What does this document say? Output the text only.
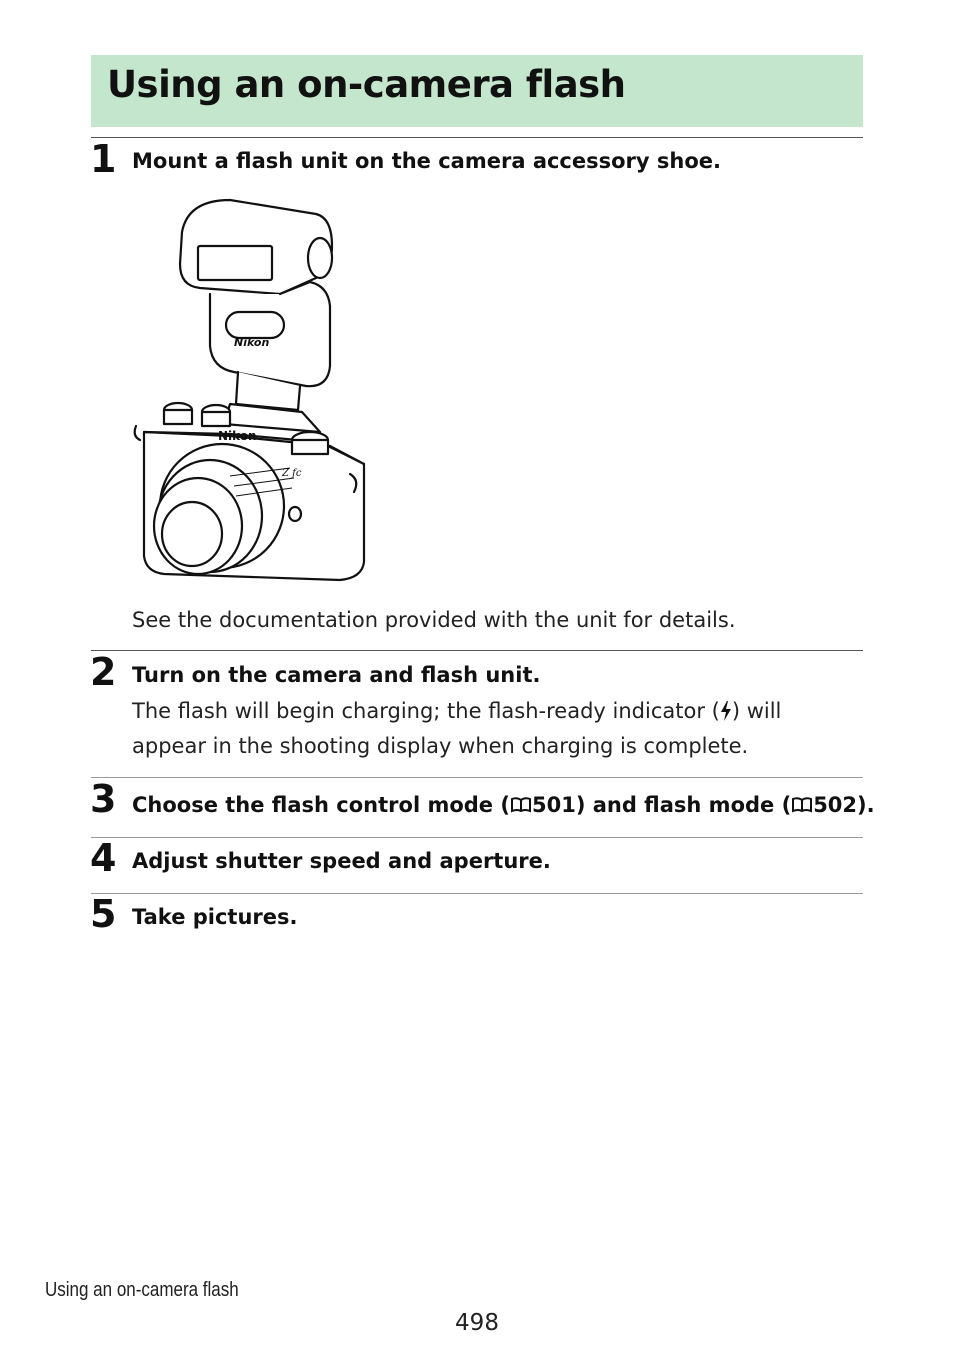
Using an on-camera flash
1 Mount a flash unit on the camera accessory shoe.
Nikon
Nikon
Z fc
See the documentation provided with the unit for details.
2 Turn on the camera and flash unit.
The flash will begin charging; the flash-ready indicator ( ) will
appear in the shooting display when charging is complete.
3 Choose the flash control mode ( 501) and flash mode ( 502).
4 Adjust shutter speed and aperture.
5 Take pictures.
Using an on-camera flash
498
